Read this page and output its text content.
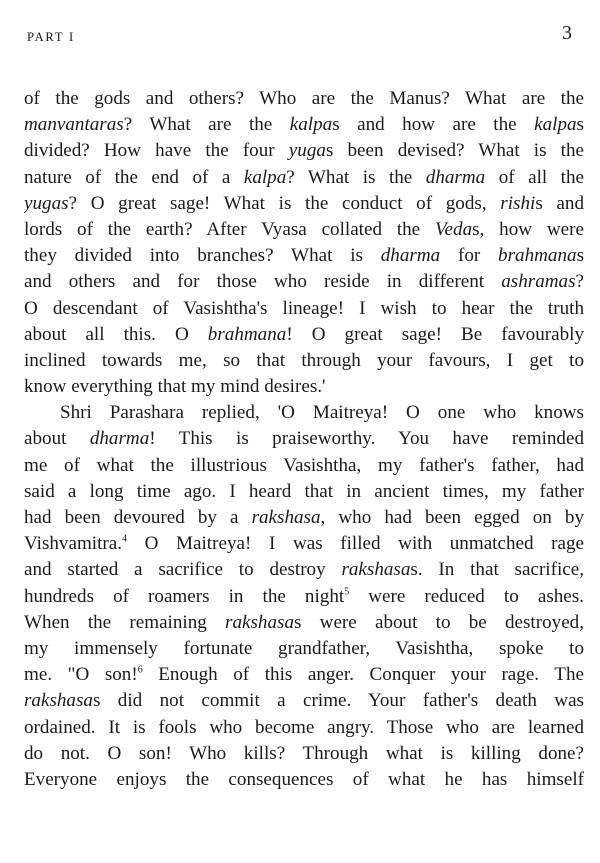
PART I	3
of the gods and others? Who are the Manus? What are the
manvantaras? What are the kalpas and how are the kalpas
divided? How have the four yugas been devised? What is the
nature of the end of a kalpa? What is the dharma of all the
yugas? O great sage! What is the conduct of gods, rishis and
lords of the earth? After Vyasa collated the Vedas, how were
they divided into branches? What is dharma for brahmanas
and others and for those who reside in different ashramas?
O descendant of Vasishtha's lineage! I wish to hear the truth
about all this. O brahmana! O great sage! Be favourably
inclined towards me, so that through your favours, I get to
know everything that my mind desires.'
Shri Parashara replied, 'O Maitreya! O one who knows
about dharma! This is praiseworthy. You have reminded
me of what the illustrious Vasishtha, my father's father, had
said a long time ago. I heard that in ancient times, my father
had been devoured by a rakshasa, who had been egged on by
Vishvamitra.$^4$ O Maitreya! I was filled with unmatched rage
and started a sacrifice to destroy rakshasas. In that sacrifice,
hundreds of roamers in the night$^5$ were reduced to ashes.
When the remaining rakshasas were about to be destroyed,
my immensely fortunate grandfather, Vasishtha, spoke to
me. "O son!$^6$ Enough of this anger. Conquer your rage. The
rakshasas did not commit a crime. Your father's death was
ordained. It is fools who become angry. Those who are learned
do not. O son! Who kills? Through what is killing done?
Everyone enjoys the consequences of what he has himself
